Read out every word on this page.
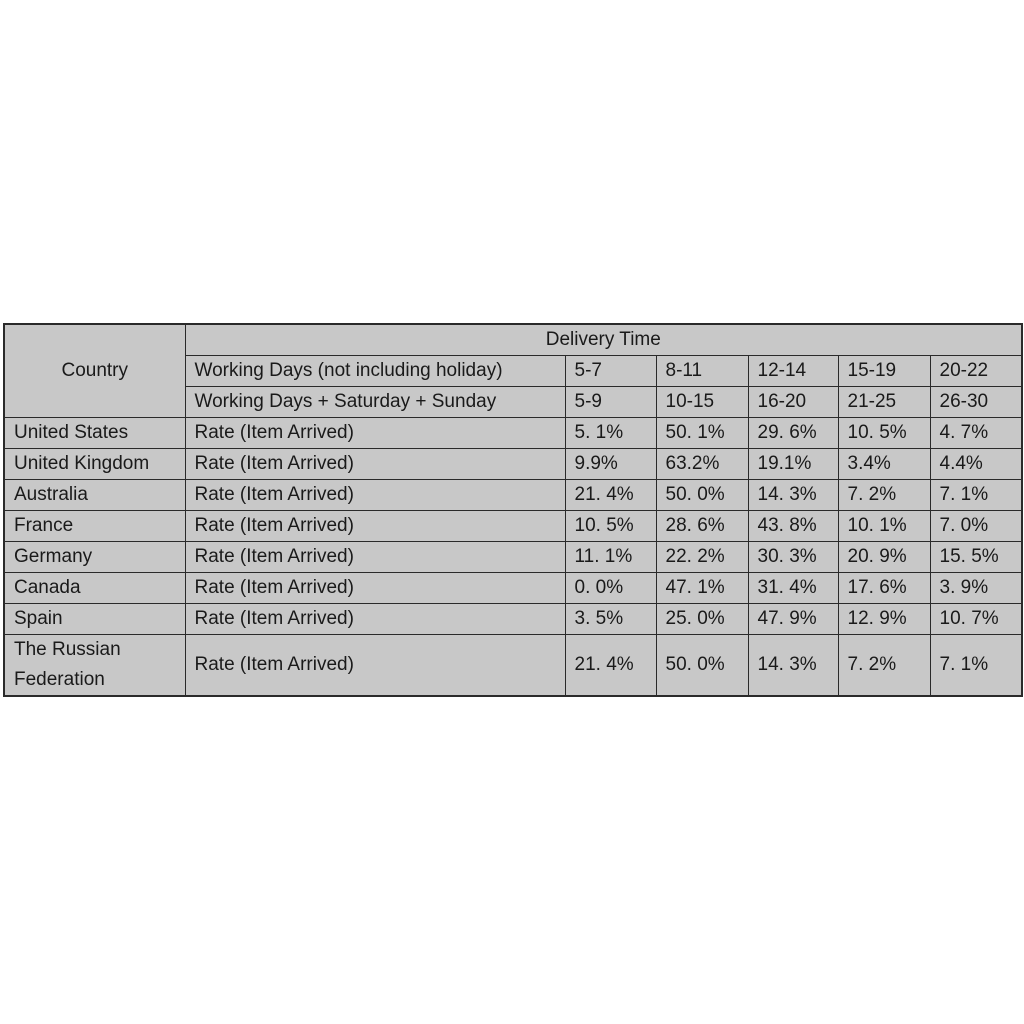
Country	Delivery Time					
	Working Days (not including holiday)	5-7	8-11	12-14	15-19	20-22
	Working Days + Saturday + Sunday	5-9	10-15	16-20	21-25	26-30
United States	Rate (Item Arrived)	5. 1%	50. 1%	29. 6%	10. 5%	4. 7%
United Kingdom	Rate (Item Arrived)	9.9%	63.2%	19.1%	3.4%	4.4%
Australia	Rate (Item Arrived)	21. 4%	50. 0%	14. 3%	7. 2%	7. 1%
France	Rate (Item Arrived)	10. 5%	28. 6%	43. 8%	10. 1%	7. 0%
Germany	Rate (Item Arrived)	11. 1%	22. 2%	30. 3%	20. 9%	15. 5%
Canada	Rate (Item Arrived)	0. 0%	47. 1%	31. 4%	17. 6%	3. 9%
Spain	Rate (Item Arrived)	3. 5%	25. 0%	47. 9%	12. 9%	10. 7%
The Russian Federation	Rate (Item Arrived)	21. 4%	50. 0%	14. 3%	7. 2%	7. 1%
